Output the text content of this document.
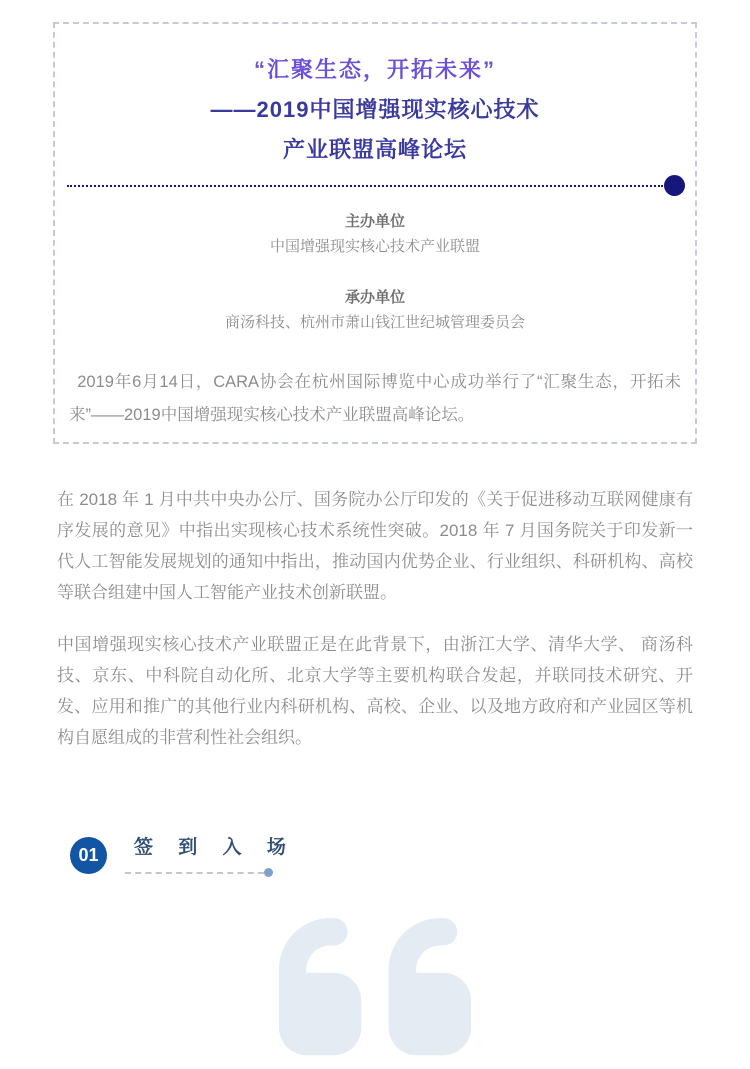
“汇聚生态，开拓未来”
——2019中国增强现实核心技术
产业联盟高峰论坛
主办单位
中国增强现实核心技术产业联盟
承办单位
商汤科技、杭州市萧山钱江世纪城管理委员会

2019年6月14日，CARA协会在杭州国际博览中心成功举行了“汇聚生态，开拓未来”——2019中国增强现实核心技术产业联盟高峰论坛。

在 2018 年 1 月中共中央办公厅、国务院办公厅印发的《关于促进移动互联网健康有序发展的意见》中指出实现核心技术系统性突破。2018 年 7 月国务院关于印发新一代人工智能发展规划的通知中指出，推动国内优势企业、行业组织、科研机构、高校等联合组建中国人工智能产业技术创新联盟。

中国增强现实核心技术产业联盟正是在此背景下，由浙江大学、清华大学、 商汤科技、京东、中科院自动化所、北京大学等主要机构联合发起，并联同技术研究、开发、应用和推广的其他行业内科研机构、高校、企业、以及地方政府和产业园区等机构自愿组成的非营利性社会组织。

01	签 到 入 场
